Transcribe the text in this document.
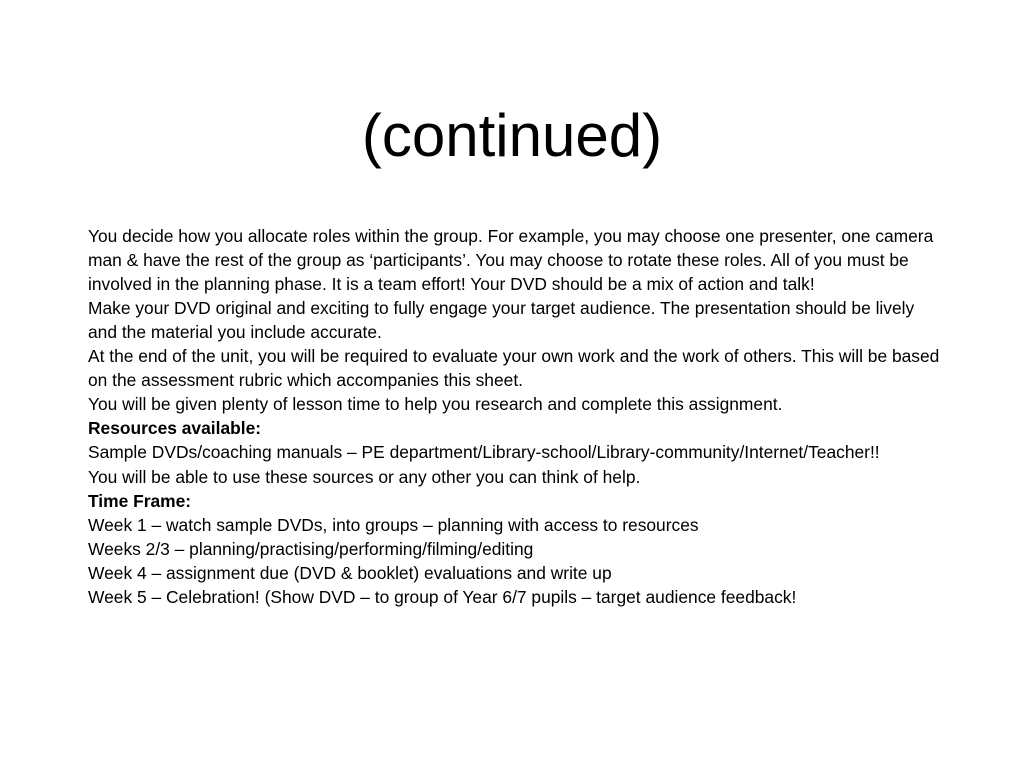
(continued)

You decide how you allocate roles within the group. For example, you may choose one presenter, one camera man & have the rest of the group as ‘participants’. You may choose to rotate these roles. All of you must be involved in the planning phase. It is a team effort! Your DVD should be a mix of action and talk!

Make your DVD original and exciting to fully engage your target audience. The presentation should be lively and the material you include accurate.

At the end of the unit, you will be required to evaluate your own work and the work of others. This will be based on the assessment rubric which accompanies this sheet.

You will be given plenty of lesson time to help you research and complete this assignment.

Resources available:

Sample DVDs/coaching manuals – PE department/Library-school/Library-community/Internet/Teacher!!

You will be able to use these sources or any other you can think of help.

Time Frame:

Week 1 – watch sample DVDs, into groups – planning with access to resources

Weeks 2/3 – planning/practising/performing/filming/editing

Week 4 – assignment due (DVD & booklet) evaluations and write up

Week 5 – Celebration! (Show DVD – to group of Year 6/7 pupils – target audience feedback!
